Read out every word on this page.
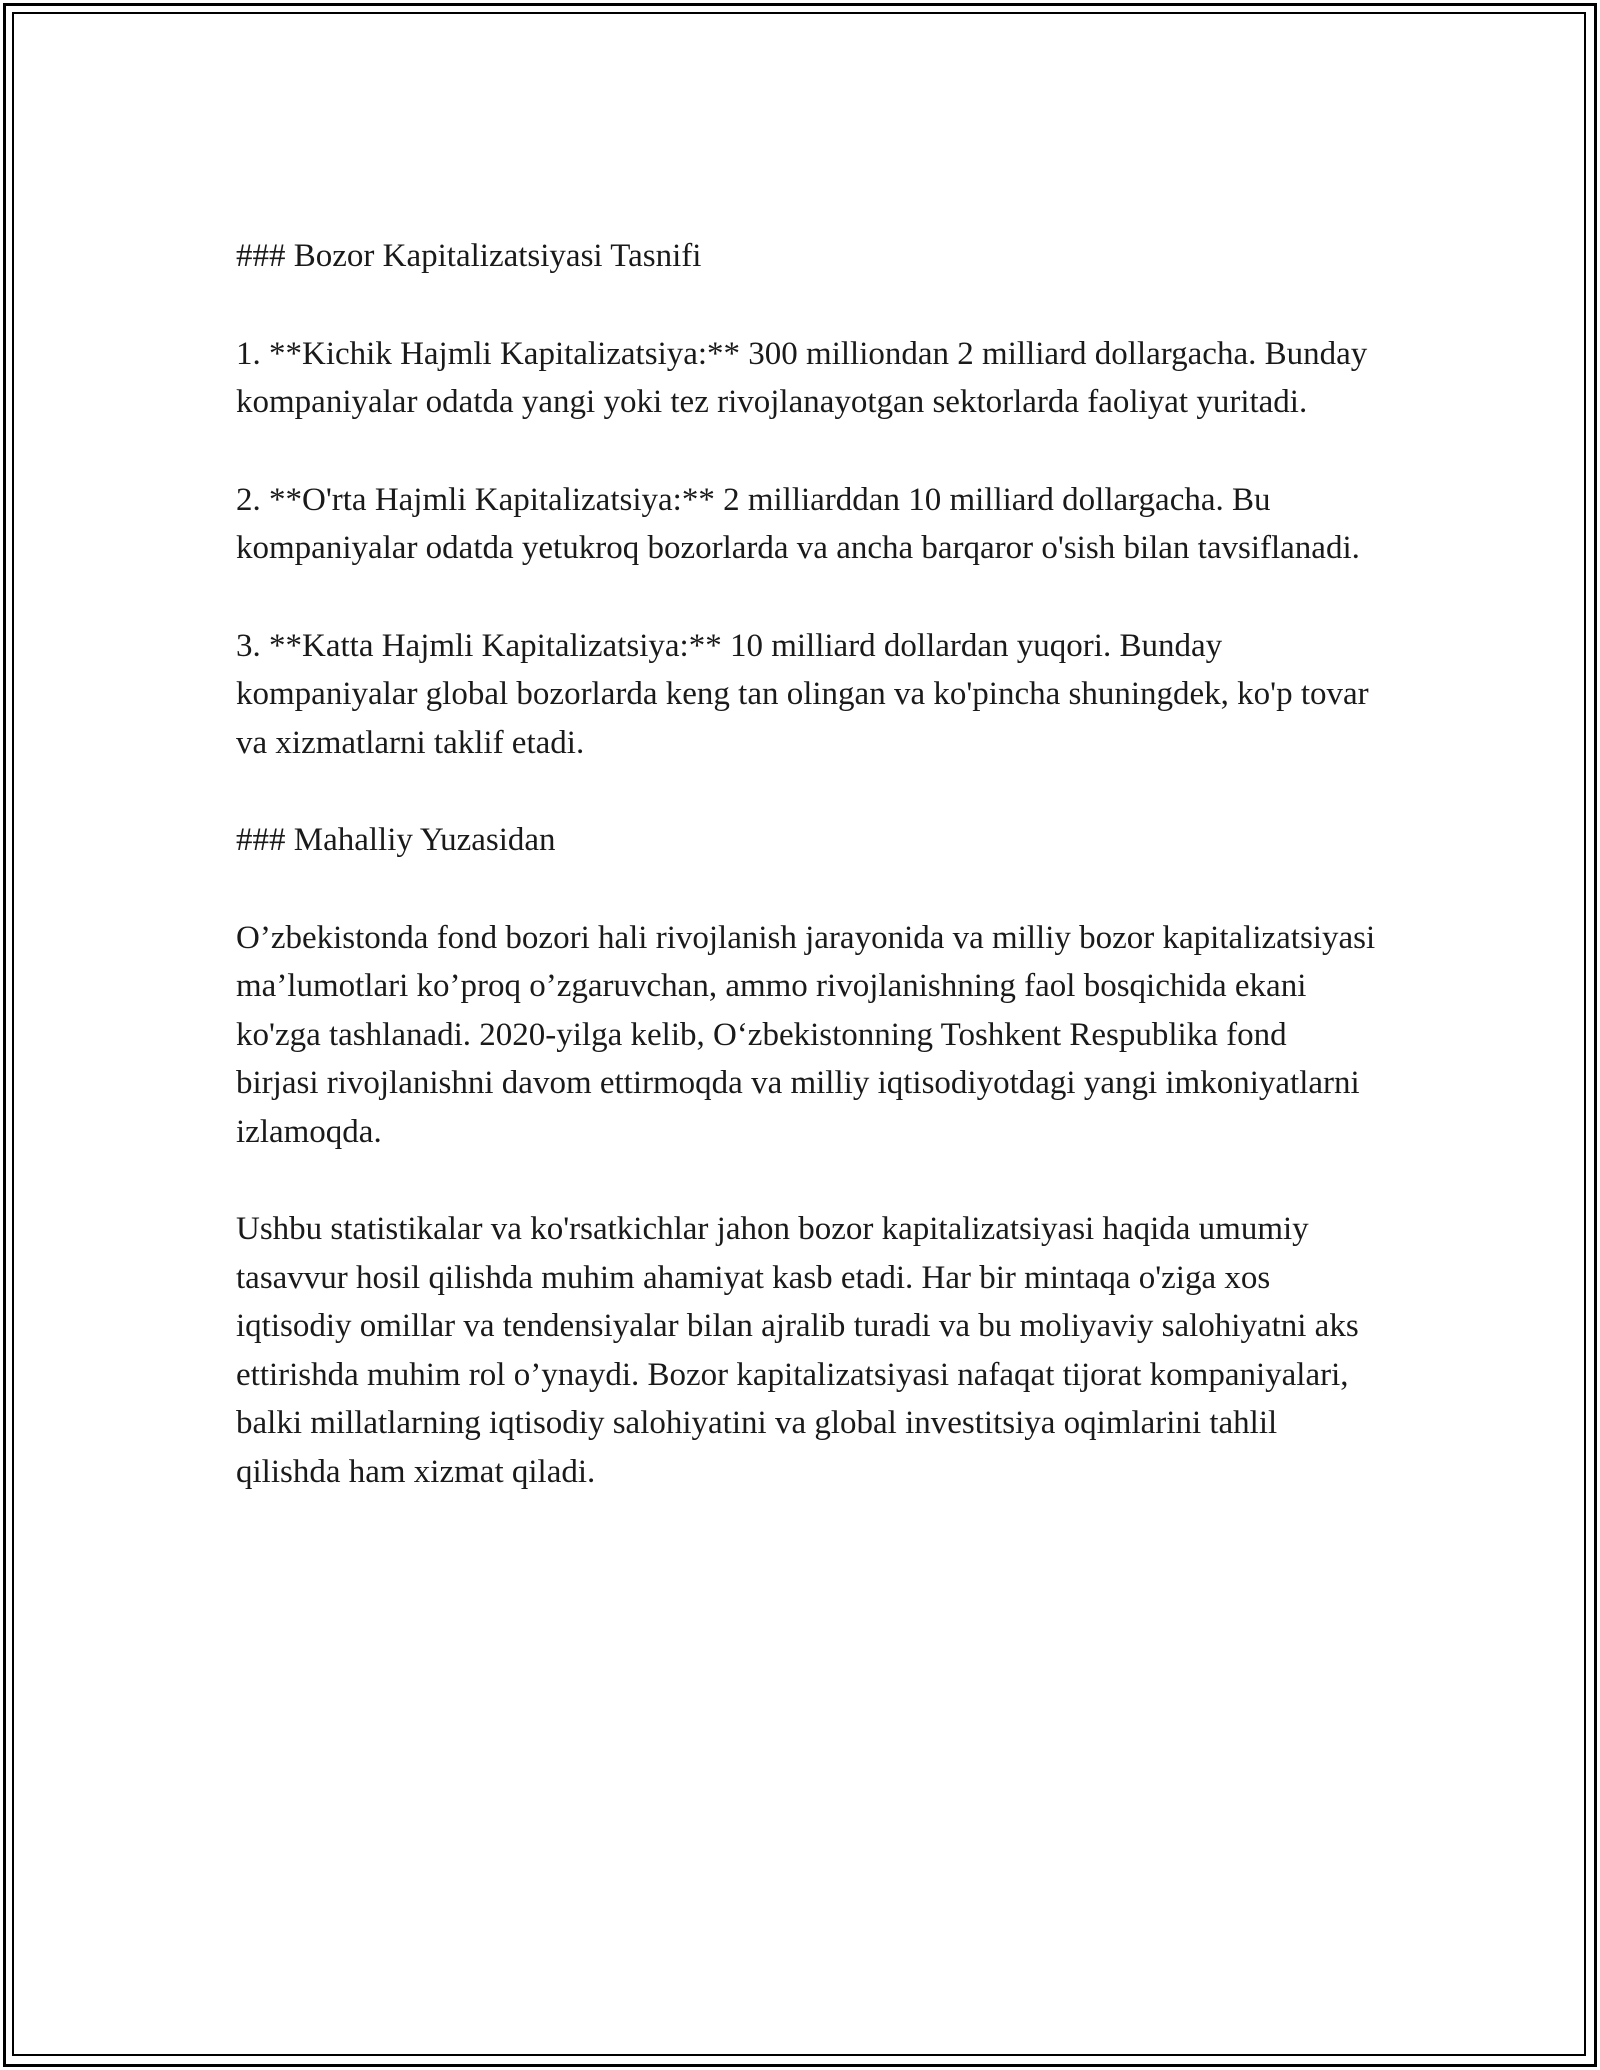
### Bozor Kapitalizatsiyasi Tasnifi

1. **Kichik Hajmli Kapitalizatsiya:** 300 milliondan 2 milliard dollargacha. Bunday kompaniyalar odatda yangi yoki tez rivojlanayotgan sektorlarda faoliyat yuritadi.

2. **O'rta Hajmli Kapitalizatsiya:** 2 milliarddan 10 milliard dollargacha. Bu kompaniyalar odatda yetukroq bozorlarda va ancha barqaror o'sish bilan tavsiflanadi.

3. **Katta Hajmli Kapitalizatsiya:** 10 milliard dollardan yuqori. Bunday kompaniyalar global bozorlarda keng tan olingan va ko'pincha shuningdek, ko'p tovar va xizmatlarni taklif etadi.

### Mahalliy Yuzasidan

O’zbekistonda fond bozori hali rivojlanish jarayonida va milliy bozor kapitalizatsiyasi ma’lumotlari ko’proq o’zgaruvchan, ammo rivojlanishning faol bosqichida ekani ko'zga tashlanadi. 2020-yilga kelib, O‘zbekistonning Toshkent Respublika fond birjasi rivojlanishni davom ettirmoqda va milliy iqtisodiyotdagi yangi imkoniyatlarni izlamoqda.

Ushbu statistikalar va ko'rsatkichlar jahon bozor kapitalizatsiyasi haqida umumiy tasavvur hosil qilishda muhim ahamiyat kasb etadi. Har bir mintaqa o'ziga xos iqtisodiy omillar va tendensiyalar bilan ajralib turadi va bu moliyaviy salohiyatni aks ettirishda muhim rol o’ynaydi. Bozor kapitalizatsiyasi nafaqat tijorat kompaniyalari, balki millatlarning iqtisodiy salohiyatini va global investitsiya oqimlarini tahlil qilishda ham xizmat qiladi.
